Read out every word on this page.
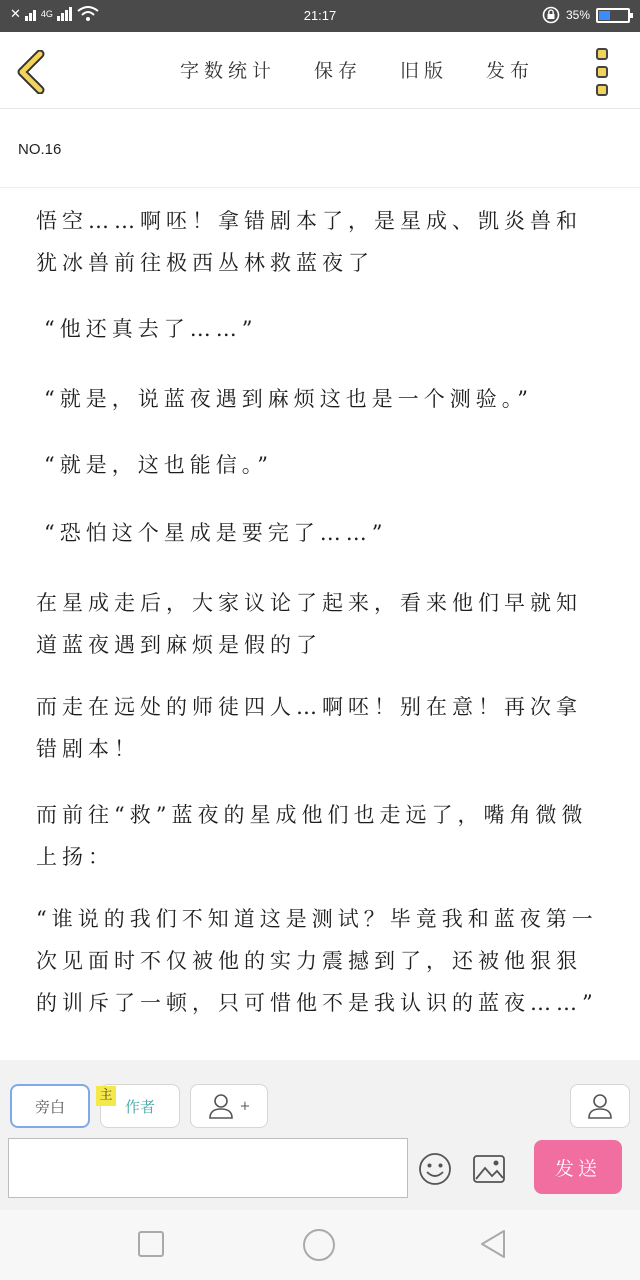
✕ 4G	21:17	35%
字数统计 保存 旧版 发布
NO.16
悟空……啊呸！拿错剧本了，是星成、凯炎兽和犹冰兽前往极西丛林救蓝夜了
“他还真去了……”
“就是，说蓝夜遇到麻烦这也是一个测验。”
“就是，这也能信。”
“恐怕这个星成是要完了……”
在星成走后，大家议论了起来，看来他们早就知道蓝夜遇到麻烦是假的了
而走在远处的师徒四人…啊呸！别在意！再次拿错剧本！
而前往“救”蓝夜的星成他们也走远了，嘴角微微上扬：
“谁说的我们不知道这是测试？毕竟我和蓝夜第一次见面时不仅被他的实力震撼到了，还被他狠狠的训斥了一顿，只可惜他不是我认识的蓝夜……”
旁白	作者
主
+
发送
